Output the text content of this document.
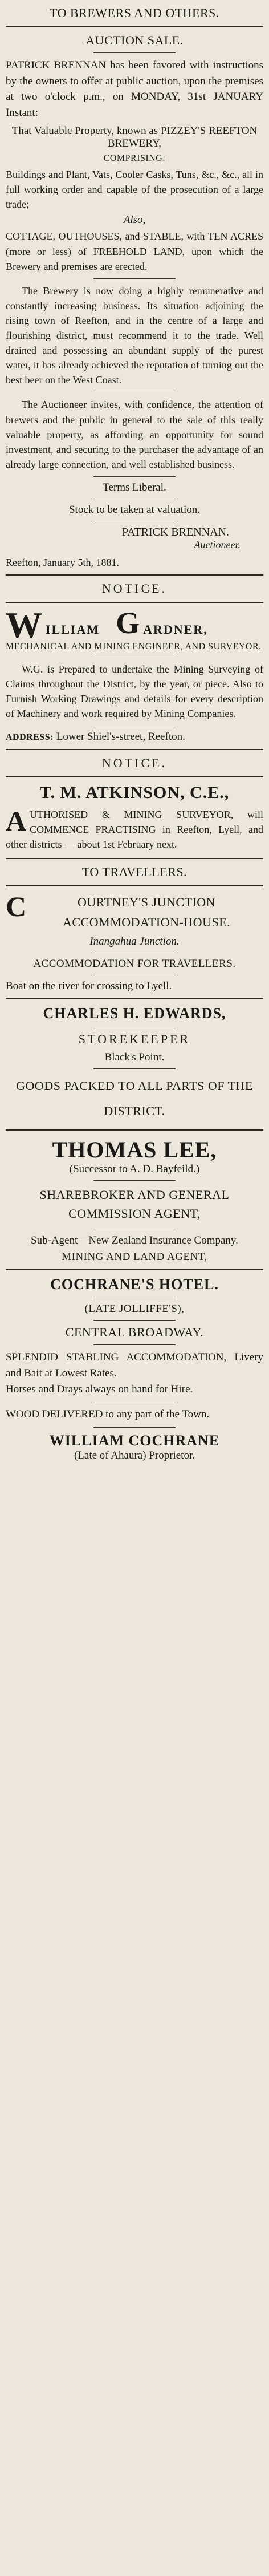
TO BREWERS AND OTHERS.
AUCTION SALE.

PATRICK BRENNAN has been favored with instructions by the owners to offer at public auction, upon the premises at two o'clock p.m., on MONDAY, 31st JANUARY Instant:

That Valuable Property, known as PIZZEY'S REEFTON BREWERY,

COMPRISING:

Buildings and Plant, Vats, Cooler Casks, Tuns, &c., &c., all in full working order and capable of the prosecution of a large trade;

Also,

COTTAGE, OUTHOUSES, and STABLE, with TEN ACRES (more or less) of FREEHOLD LAND, upon which the Brewery and premises are erected.

The Brewery is now doing a highly remunerative and constantly increasing business. Its situation adjoining the rising town of Reefton, and in the centre of a large and flourishing district, must recommend it to the trade. Well drained and possessing an abundant supply of the purest water, it has already achieved the reputation of turning out the best beer on the West Coast.

The Auctioneer invites, with confidence, the attention of brewers and the public in general to the sale of this really valuable property, as affording an opportunity for sound investment, and securing to the purchaser the advantage of an already large connection, and well established business.

Terms Liberal.

Stock to be taken at valuation.

PATRICK BRENNAN.

Auctioneer.

Reefton, January 5th, 1881.

NOTICE.
W ILLIAM G ARDNER,

MECHANICAL AND MINING ENGINEER, AND SURVEYOR.

W.G. is Prepared to undertake the Mining Surveying of Claims throughout the District, by the year, or piece. Also to Furnish Working Drawings and details for every description of Machinery and work required by Mining Companies.

ADDRESS: Lower Shiel's-street, Reefton.

NOTICE.
T. M. ATKINSON, C.E.,
A UTHORISED & MINING SURVEYOR, will COMMENCE PRACTISING in Reefton, Lyell, and other districts — about 1st February next.

TO TRAVELLERS.
C	OURTNEY'S JUNCTION ACCOMMODATION-HOUSE.

Inangahua Junction.

ACCOMMODATION FOR TRAVELLERS.

Boat on the river for crossing to Lyell.

CHARLES H. EDWARDS,
STOREKEEPER
Black's Point.
GOODS PACKED TO ALL PARTS OF THE DISTRICT.
THOMAS LEE,
(Successor to A. D. Bayfeild.)
SHAREBROKER AND GENERAL COMMISSION AGENT,
Sub-Agent—New Zealand Insurance Company.
MINING AND LAND AGENT,
COCHRANE'S HOTEL.
(LATE JOLLIFFE'S),
CENTRAL BROADWAY.

SPLENDID STABLING ACCOMMODATION, Livery and Bait at Lowest Rates.

Horses and Drays always on hand for Hire.

WOOD DELIVERED to any part of the Town.

WILLIAM COCHRANE
(Late of Ahaura) Proprietor.
